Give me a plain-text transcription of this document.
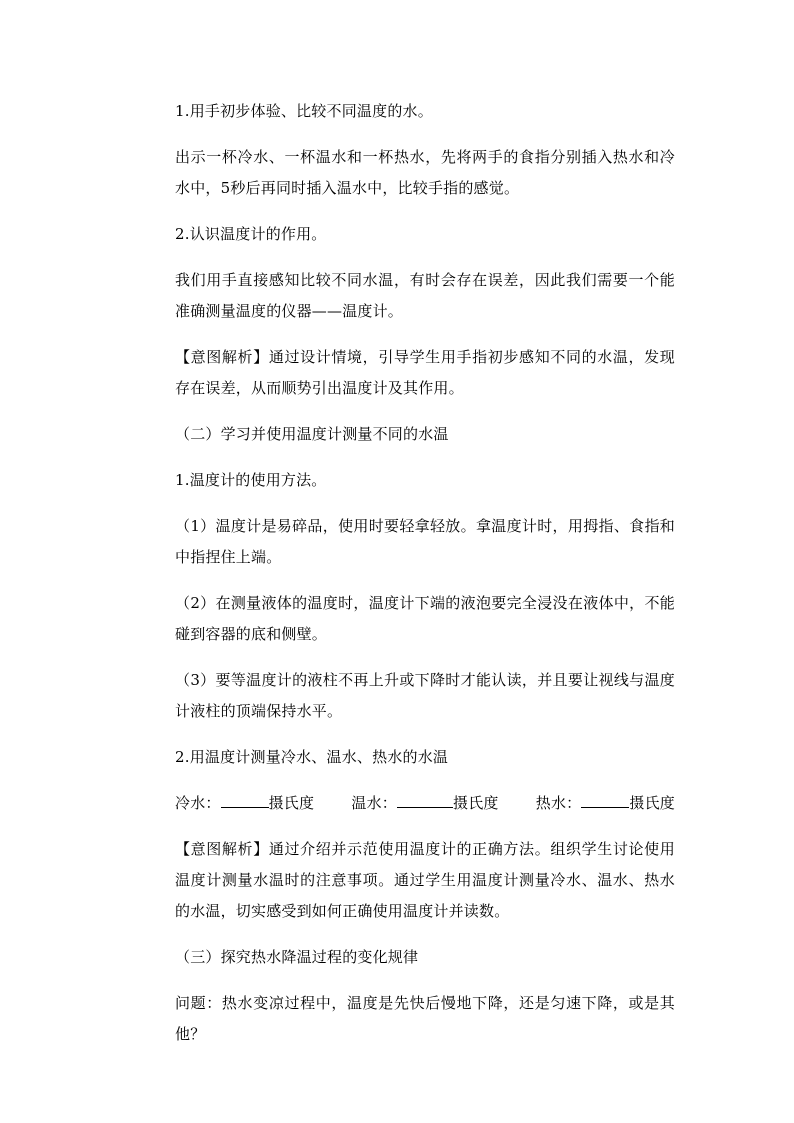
1.用手初步体验、比较不同温度的水。

出示一杯冷水、一杯温水和一杯热水，先将两手的食指分别插入热水和冷水中，5秒后再同时插入温水中，比较手指的感觉。

2.认识温度计的作用。

我们用手直接感知比较不同水温，有时会存在误差，因此我们需要一个能准确测量温度的仪器——温度计。

【意图解析】通过设计情境，引导学生用手指初步感知不同的水温，发现存在误差，从而顺势引出温度计及其作用。

（二）学习并使用温度计测量不同的水温

1.温度计的使用方法。

（1）温度计是易碎品，使用时要轻拿轻放。拿温度计时，用拇指、食指和中指捏住上端。

（2）在测量液体的温度时，温度计下端的液泡要完全浸没在液体中，不能碰到容器的底和侧壁。

（3）要等温度计的液柱不再上升或下降时才能认读，并且要让视线与温度计液柱的顶端保持水平。

2.用温度计测量冷水、温水、热水的水温

冷水：	摄氏度 温水：	摄氏度 热水：	摄氏度

【意图解析】通过介绍并示范使用温度计的正确方法。组织学生讨论使用温度计测量水温时的注意事项。通过学生用温度计测量冷水、温水、热水的水温，切实感受到如何正确使用温度计并读数。

（三）探究热水降温过程的变化规律

问题：热水变凉过程中，温度是先快后慢地下降，还是匀速下降，或是其他？
